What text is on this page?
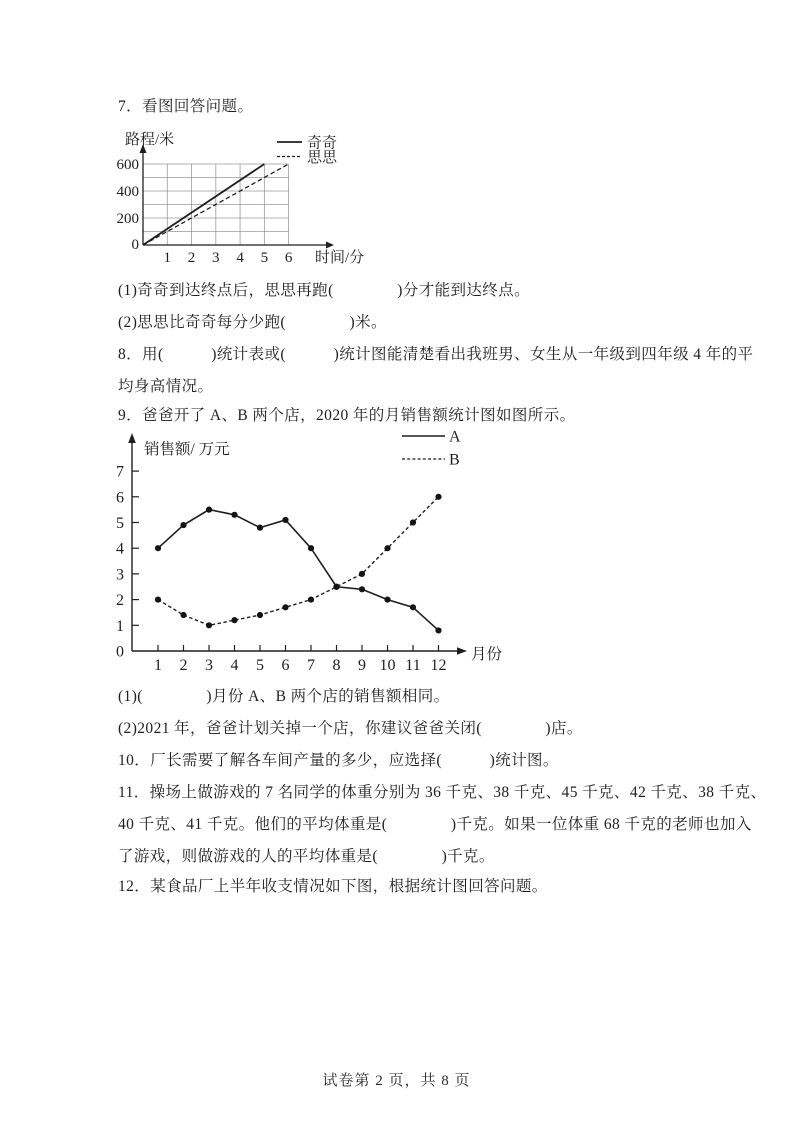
7．看图回答问题。
0
200
400
600
1 2 3 4 5 6
路程/米
时间/分
奇奇
思思
(1)奇奇到达终点后，思思再跑(　　　　)分才能到达终点。
(2)思思比奇奇每分少跑(　　　　)米。
8．用(　　　)统计表或(　　　)统计图能清楚看出我班男、女生从一年级到四年级 4 年的平
均身高情况。
9．爸爸开了 A、B 两个店，2020 年的月销售额统计图如图所示。
0
1
2
3
4
5
6
7
1 2 3 4 5 6 7 8 9 10 11 12
销售额/ 万元
月份
A
B
(1)(　　　　)月份 A、B 两个店的销售额相同。
(2)2021 年，爸爸计划关掉一个店，你建议爸爸关闭(　　　　)店。
10．厂长需要了解各车间产量的多少，应选择(　　　)统计图。
11．操场上做游戏的 7 名同学的体重分别为 36 千克、38 千克、45 千克、42 千克、38 千克、
40 千克、41 千克。他们的平均体重是(　　　　)千克。如果一位体重 68 千克的老师也加入
了游戏，则做游戏的人的平均体重是(　　　　)千克。
12．某食品厂上半年收支情况如下图，根据统计图回答问题。
试卷第 2 页，共 8 页
